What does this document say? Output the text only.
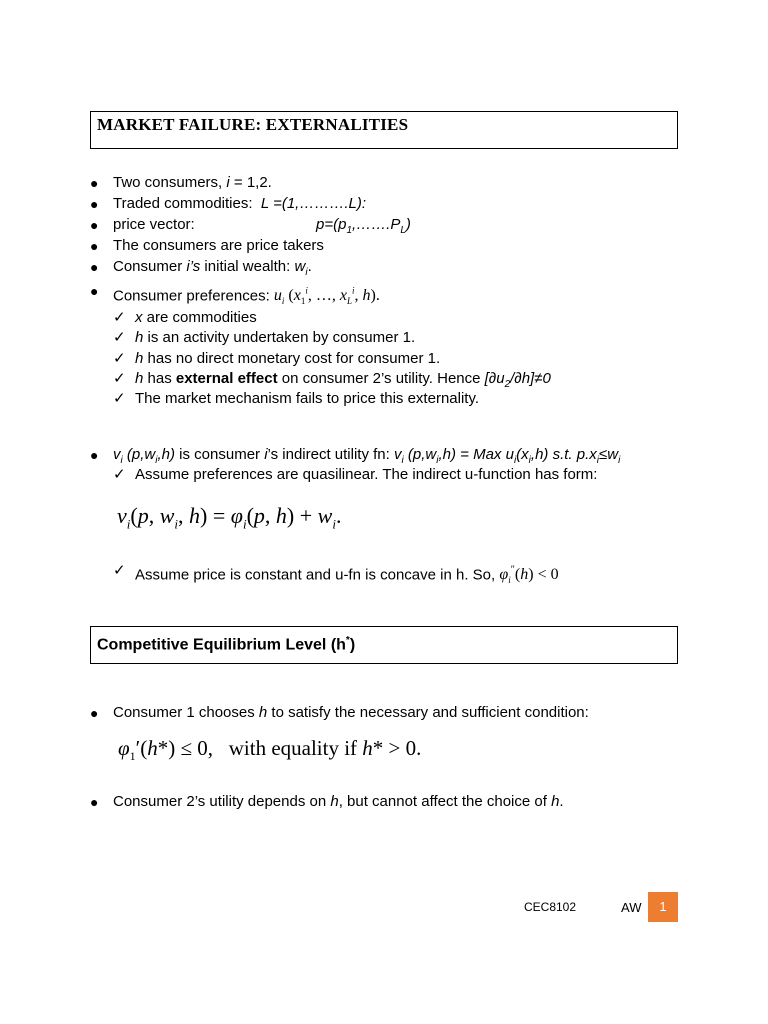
MARKET FAILURE: EXTERNALITIES
● Two consumers, i = 1,2.
● Traded commodities:  L =(1,……….L):
● price vector:	$p=(p_1,\dots\dots.P_L)$
● The consumers are price takers
● Consumer i’s initial wealth: $w_i$.
● Consumer preferences: $u_i$ ($x_1^i$, …, $x_L^i$, h).
✓ x are commodities
✓ h is an activity undertaken by consumer 1.
✓ h has no direct monetary cost for consumer 1.
✓ h has external effect on consumer 2’s utility. Hence $[\partial u_2/\partial h]\ne 0$
✓ The market mechanism fails to price this externality.
● $v_i$ $(p,w_i,h)$ is consumer i’s indirect utility fn: $v_i$ $(p,w_i,h)$ = Max $u_i(x_i,h)$ s.t. $p.x_i\le w_i$
✓ Assume preferences are quasilinear. The indirect u-function has form:
$v_i(p$, $w_i$, $h) = \varphi_i(p$, $h) + w_i$.
✓ Assume price is constant and u-fn is concave in h. So, $\varphi_i''(h) < 0$
Competitive Equilibrium Level (h*)
● Consumer 1 chooses h to satisfy the necessary and sufficient condition:
$\varphi_1'(h*) \le 0$,   with equality if h* > 0.
● Consumer 2’s utility depends on h, but cannot affect the choice of h.
CEC8102	AW	1
